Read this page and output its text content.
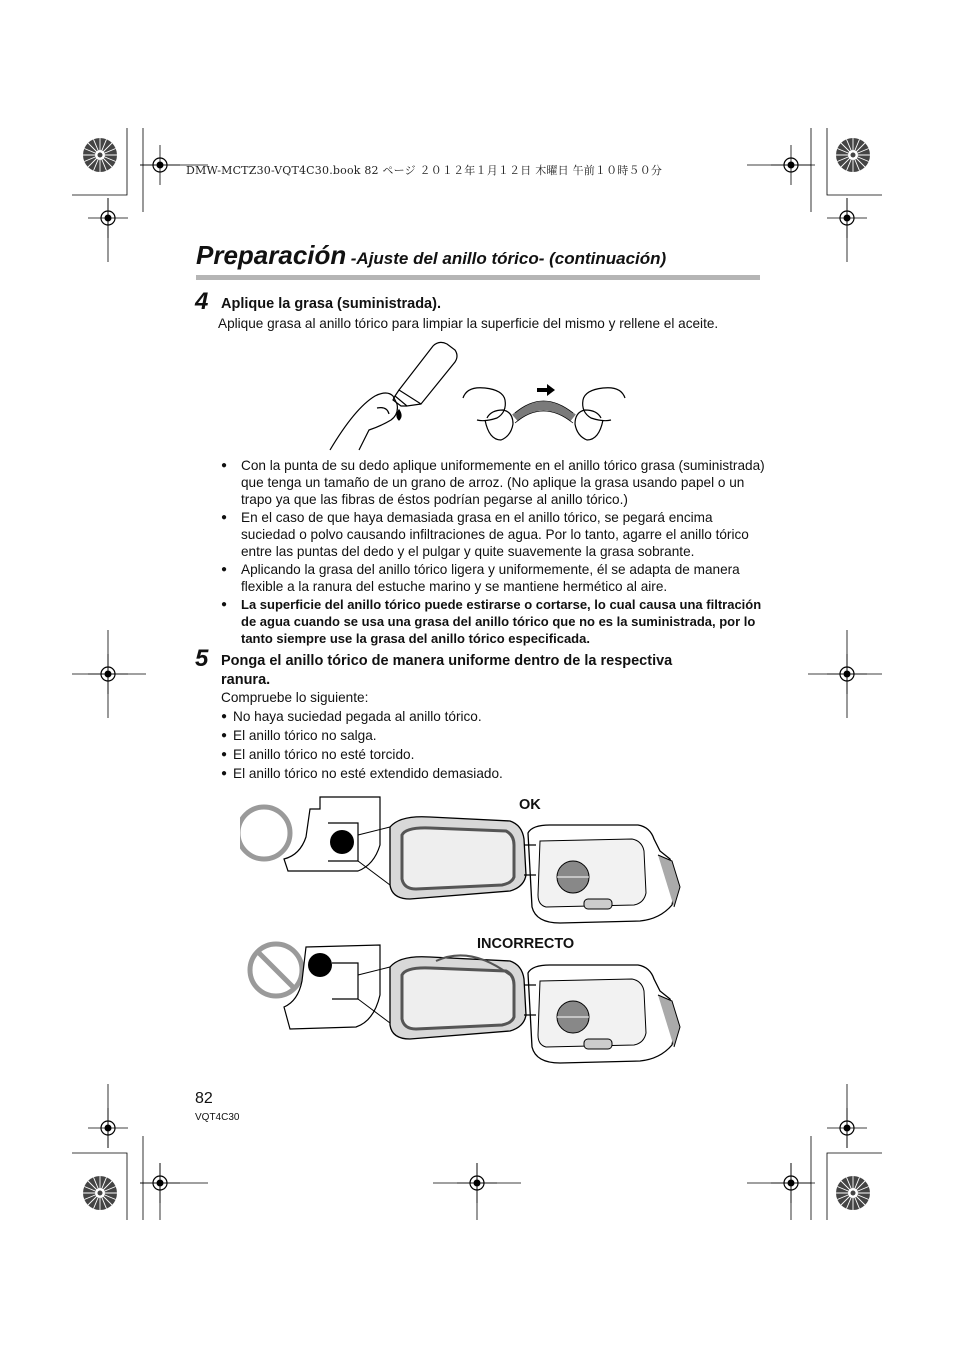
DMW-MCTZ30-VQT4C30.book 82 ページ ２０１２年１月１２日 木曜日 午前１０時５０分
Preparación -Ajuste del anillo tórico- (continuación)
4 Aplique la grasa (suministrada).
Aplique grasa al anillo tórico para limpiar la superficie del mismo y rellene el aceite.
● Con la punta de su dedo aplique uniformemente en el anillo tórico grasa (suministrada) que tenga un tamaño de un grano de arroz. (No aplique la grasa usando papel o un trapo ya que las fibras de éstos podrían pegarse al anillo tórico.)
● En el caso de que haya demasiada grasa en el anillo tórico, se pegará encima suciedad o polvo causando infiltraciones de agua. Por lo tanto, agarre el anillo tórico entre las puntas del dedo y el pulgar y quite suavemente la grasa sobrante.
● Aplicando la grasa del anillo tórico ligera y uniformemente, él se adapta de manera flexible a la ranura del estuche marino y se mantiene hermético al aire.
● La superficie del anillo tórico puede estirarse o cortarse, lo cual causa una filtración de agua cuando se usa una grasa del anillo tórico que no es la suministrada, por lo tanto siempre use la grasa del anillo tórico especificada.
5 Ponga el anillo tórico de manera uniforme dentro de la respectiva
ranura.
Compruebe lo siguiente:
● No haya suciedad pegada al anillo tórico.
● El anillo tórico no salga.
● El anillo tórico no esté torcido.
● El anillo tórico no esté extendido demasiado.
OK
INCORRECTO
82
VQT4C30
